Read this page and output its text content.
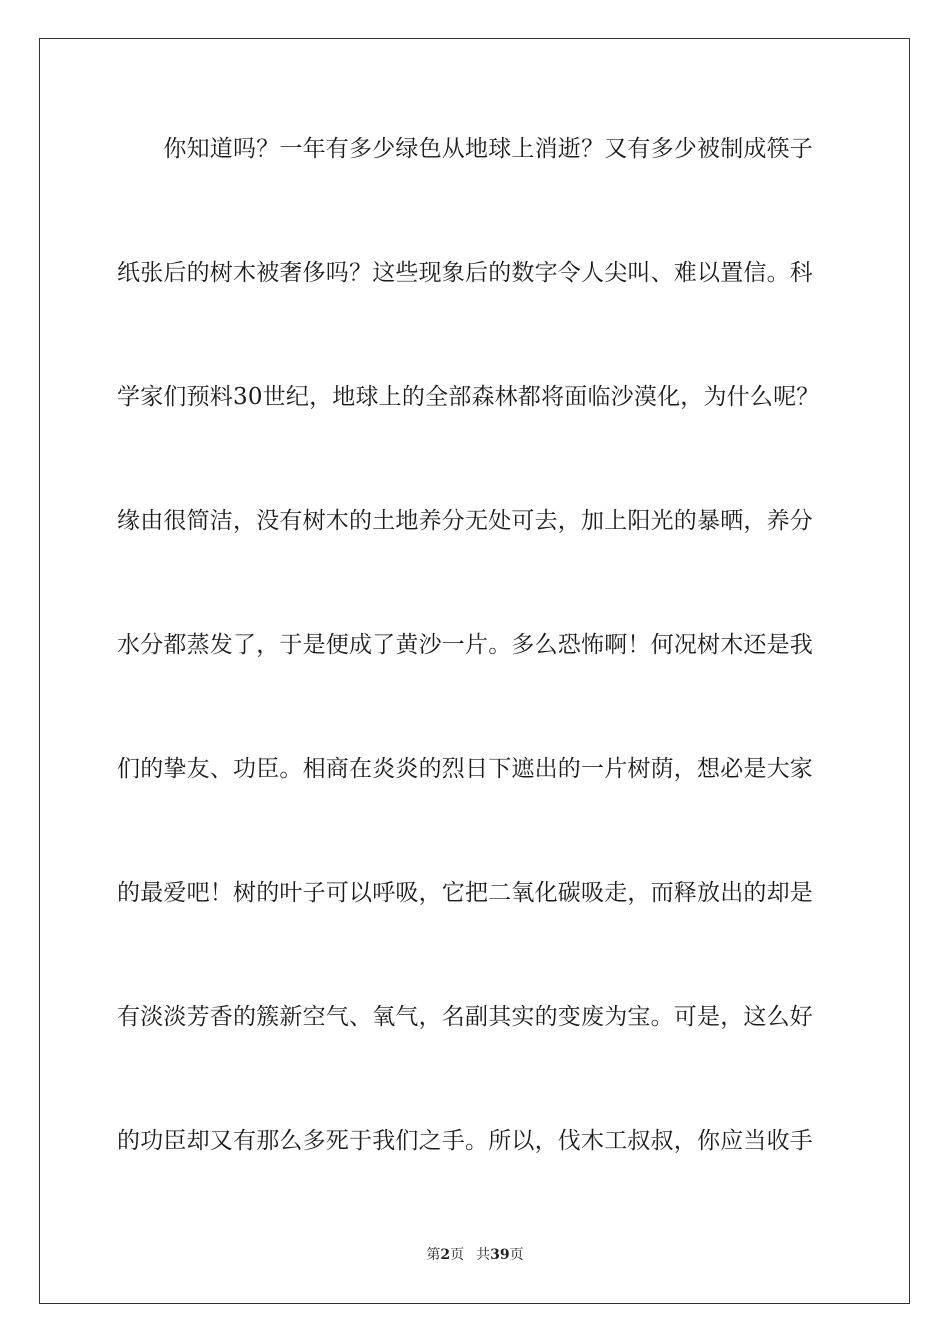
　　你知道吗？一年有多少绿色从地球上消逝？又有多少被制成筷子
纸张后的树木被奢侈吗？这些现象后的数字令人尖叫、难以置信。科
学家们预料30世纪，地球上的全部森林都将面临沙漠化，为什么呢？
缘由很简洁，没有树木的土地养分无处可去，加上阳光的暴晒，养分
水分都蒸发了，于是便成了黄沙一片。多么恐怖啊！何况树木还是我
们的挚友、功臣。相商在炎炎的烈日下遮出的一片树荫，想必是大家
的最爱吧！树的叶子可以呼吸，它把二氧化碳吸走，而释放出的却是
有淡淡芳香的簇新空气、氧气，名副其实的变废为宝。可是，这么好
的功臣却又有那么多死于我们之手。所以，伐木工叔叔，你应当收手
第2页 共39页
